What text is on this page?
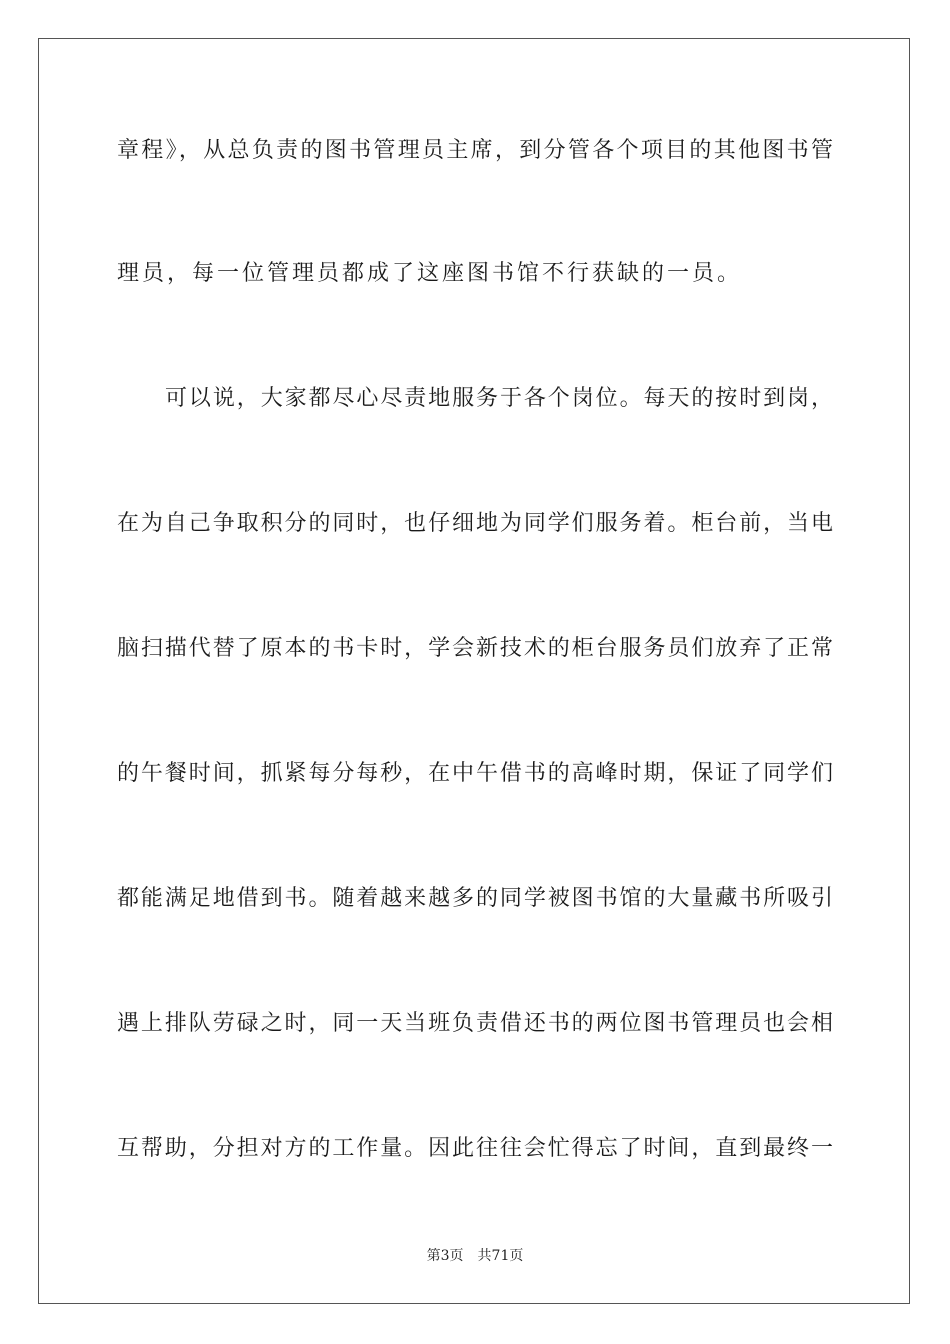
章程》，从总负责的图书管理员主席，到分管各个项目的其他图书管
理员，每一位管理员都成了这座图书馆不行获缺的一员。
可以说，大家都尽心尽责地服务于各个岗位。每天的按时到岗，
在为自己争取积分的同时，也仔细地为同学们服务着。柜台前，当电
脑扫描代替了原本的书卡时，学会新技术的柜台服务员们放弃了正常
的午餐时间，抓紧每分每秒，在中午借书的高峰时期，保证了同学们
都能满足地借到书。随着越来越多的同学被图书馆的大量藏书所吸引
遇上排队劳碌之时，同一天当班负责借还书的两位图书管理员也会相
互帮助，分担对方的工作量。因此往往会忙得忘了时间，直到最终一
第3页 共71页
